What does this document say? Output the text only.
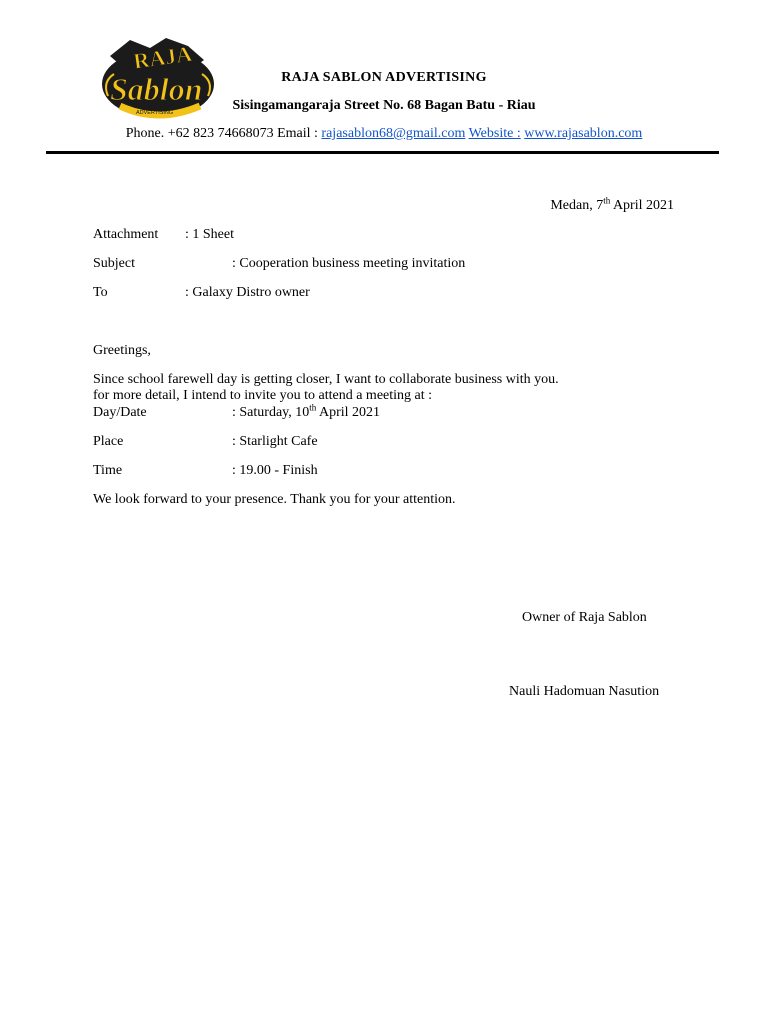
RAJA
Sablon
ADVERTISING
RAJA SABLON ADVERTISING
Sisingamangaraja Street No. 68 Bagan Batu - Riau
Phone. +62 823 74668073 Email : rajasablon68@gmail.com Website : www.rajasablon.com
Medan, 7th April 2021
Attachment : 1 Sheet
Subject	: Cooperation business meeting invitation
To	: Galaxy Distro owner
Greetings,
Since school farewell day is getting closer, I want to collaborate business with you.
for more detail, I intend to invite you to attend a meeting at :
Day/Date	: Saturday, 10th April 2021
Place	: Starlight Cafe
Time	: 19.00 - Finish
We look forward to your presence. Thank you for your attention.
Owner of Raja Sablon
Nauli Hadomuan Nasution
